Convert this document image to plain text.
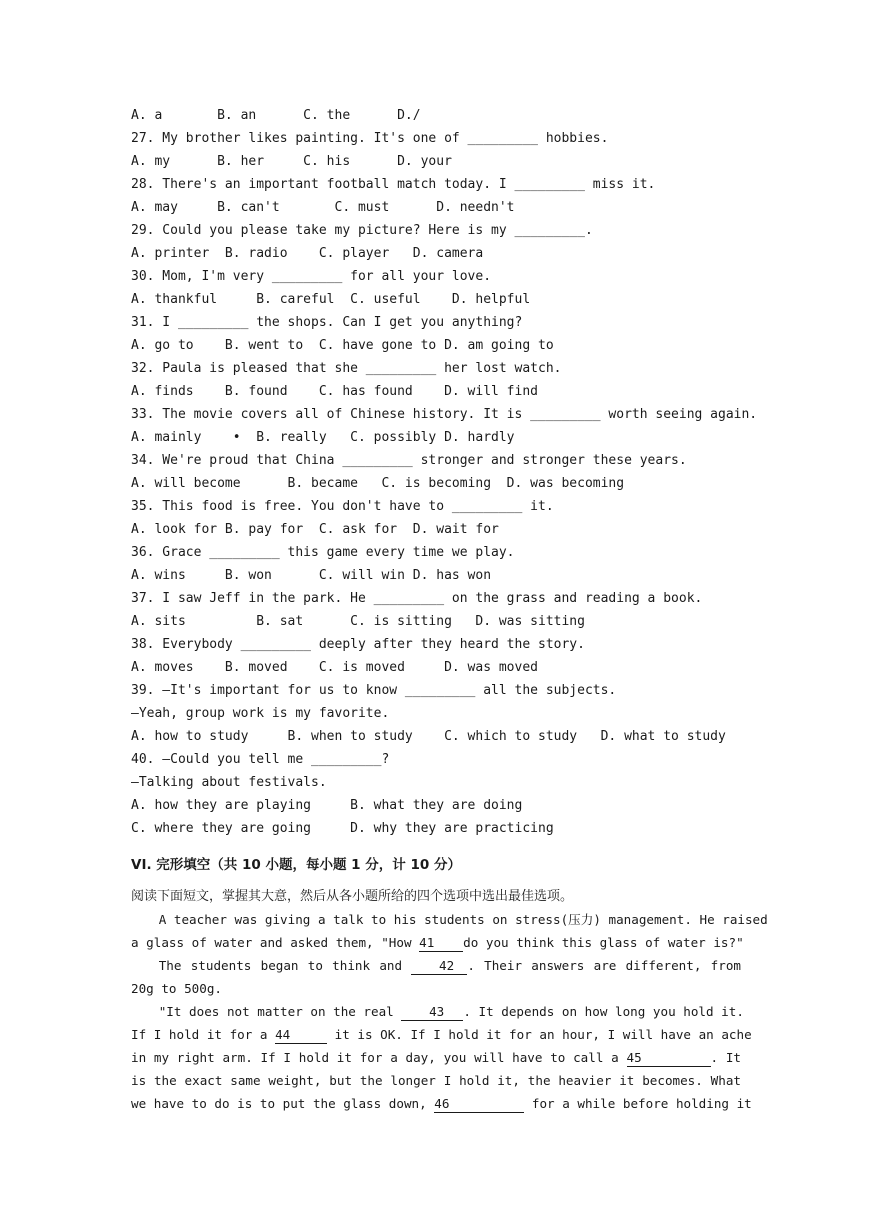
A. a       B. an      C. the      D./
27. My brother likes painting. It's one of _________ hobbies.
A. my      B. her     C. his      D. your
28. There's an important football match today. I _________ miss it.
A. may     B. can't       C. must      D. needn't
29. Could you please take my picture? Here is my _________.
A. printer  B. radio    C. player   D. camera
30. Mom, I'm very _________ for all your love.
A. thankful     B. careful  C. useful    D. helpful
31. I _________ the shops. Can I get you anything?
A. go to    B. went to  C. have gone to D. am going to
32. Paula is pleased that she _________ her lost watch.
A. finds    B. found    C. has found    D. will find
33. The movie covers all of Chinese history. It is _________ worth seeing again.
A. mainly    •  B. really   C. possibly D. hardly
34. We're proud that China _________ stronger and stronger these years.
A. will become      B. became   C. is becoming  D. was becoming
35. This food is free. You don't have to _________ it.
A. look for B. pay for  C. ask for  D. wait for
36. Grace _________ this game every time we play.
A. wins     B. won      C. will win D. has won
37. I saw Jeff in the park. He _________ on the grass and reading a book.
A. sits         B. sat      C. is sitting   D. was sitting
38. Everybody _________ deeply after they heard the story.
A. moves    B. moved    C. is moved     D. was moved
39. —It's important for us to know _________ all the subjects.
—Yeah, group work is my favorite.
A. how to study     B. when to study    C. which to study   D. what to study
40. —Could you tell me _________?
—Talking about festivals.
A. how they are playing     B. what they are doing
C. where they are going     D. why they are practicing
VI. 完形填空（共 10 小题，每小题 1 分，计 10 分）
阅读下面短文，掌握其大意，然后从各小题所给的四个选项中选出最佳选项。
A teacher was giving a talk to his students on stress(压力) management. He raised
a glass of water and asked them, "How 41 do you think this glass of water is?"
The students began to think and 42 . Their answers are different, from
20g to 500g.
"It does not matter on the real 43 . It depends on how long you hold it.
If I hold it for a 44	it is OK. If I hold it for an hour, I will have an ache
in my right arm. If I hold it for a day, you will have to call a 45	. It
is the exact same weight, but the longer I hold it, the heavier it becomes. What
we have to do is to put the glass down, 46	for a while before holding it
